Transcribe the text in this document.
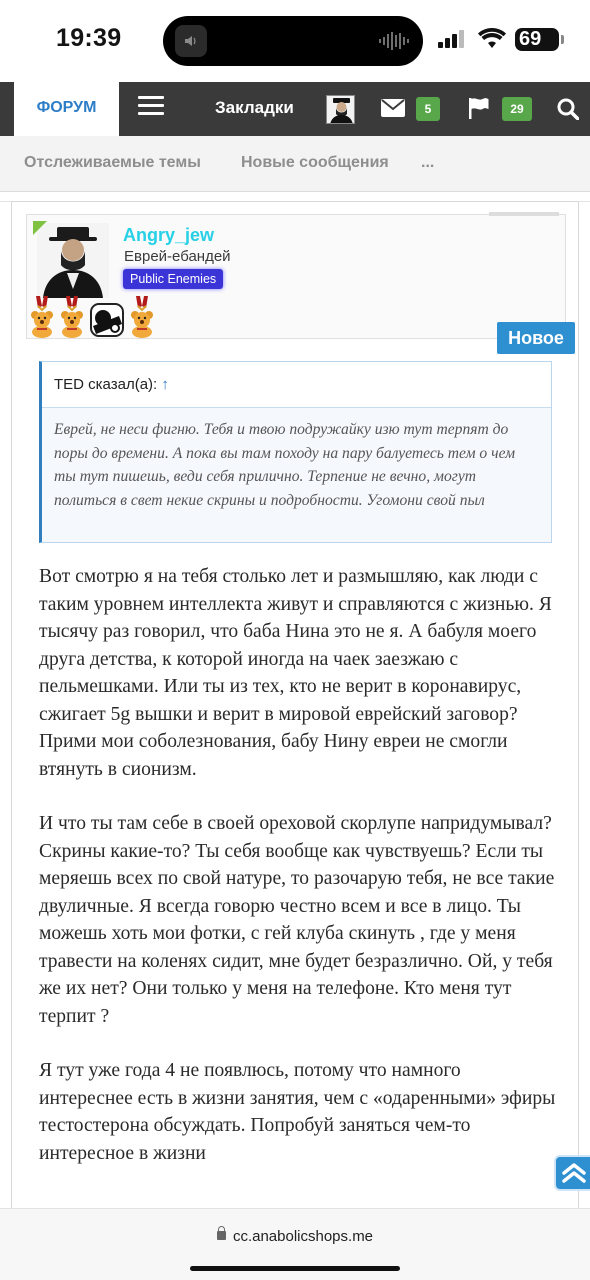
19:39	69
ФОРУМ	Закладки	5	29
Отслеживаемые темы	Новые сообщения ...
Angry_jew
Еврей-ебандей
Public Enemies
Новое
TED сказал(а): ↑
Еврей, не неси фигню. Тебя и твою подружайку изю тут терпят до поры до времени. А пока вы там походу на пару балуетесь тем о чем ты тут пишешь, веди себя прилично. Терпение не вечно, могут политься в свет некие скрины и подробности. Угомони свой пыл

Вот смотрю я на тебя столько лет и размышляю, как люди с таким уровнем интеллекта живут и справляются с жизнью. Я тысячу раз говорил, что баба Нина это не я. А бабуля моего друга детства, к которой иногда на чаек заезжаю с пельмешками. Или ты из тех, кто не верит в коронавирус, сжигает 5g вышки и верит в мировой еврейский заговор? Прими мои соболезнования, бабу Нину евреи не смогли втянуть в сионизм.

И что ты там себе в своей ореховой скорлупе напридумывал? Скрины какие-то? Ты себя вообще как чувствуешь? Если ты меряешь всех по свой натуре, то разочарую тебя, не все такие двуличные. Я всегда говорю честно всем и все в лицо. Ты можешь хоть мои фотки, с гей клуба скинуть , где у меня травести на коленях сидит, мне будет безразлично. Ой, у тебя же их нет? Они только у меня на телефоне. Кто меня тут терпит ?

Я тут уже года 4 не появлюсь, потому что намного интереснее есть в жизни занятия, чем с «одаренными» эфиры тестостерона обсуждать. Попробуй заняться чем-то интересное в жизни

cc.anabolicshops.me
